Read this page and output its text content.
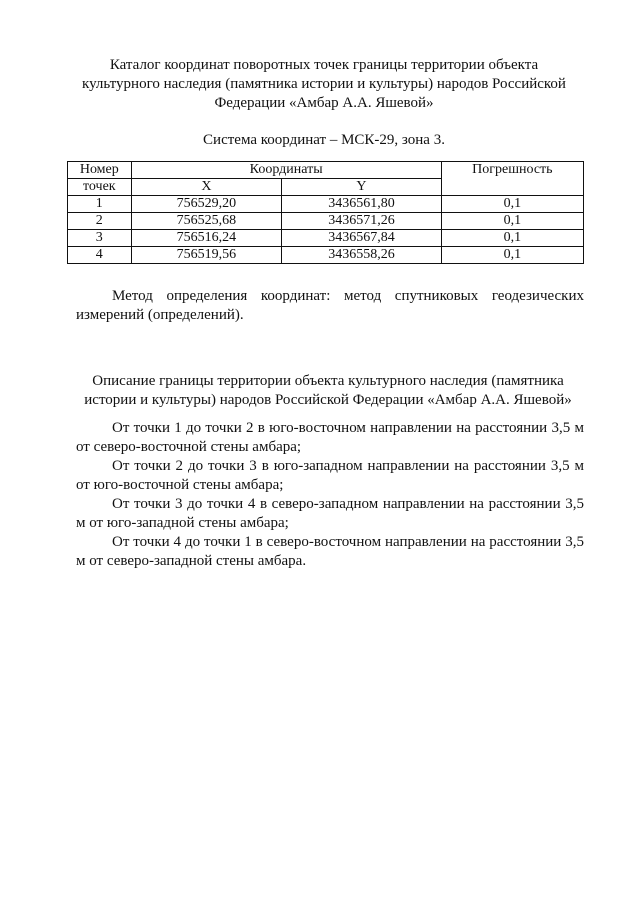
Каталог координат поворотных точек границы территории объекта
культурного наследия (памятника истории и культуры) народов Российской
Федерации «Амбар А.А. Яшевой»
Система координат – МСК-29, зона 3.
Номер	Координаты		Погрешность
точек	X	Y	
1	756529,20	3436561,80	0,1
2	756525,68	3436571,26	0,1
3	756516,24	3436567,84	0,1
4	756519,56	3436558,26	0,1
Метод определения координат: метод спутниковых геодезических измерений (определений).
Описание границы территории объекта культурного наследия (памятника
истории и культуры) народов Российской Федерации «Амбар А.А. Яшевой»

От точки 1 до точки 2 в юго-восточном направлении на расстоянии 3,5 м от северо-восточной стены амбара;

От точки 2 до точки 3 в юго-западном направлении на расстоянии 3,5 м от юго-восточной стены амбара;

От точки 3 до точки 4 в северо-западном направлении на расстоянии 3,5 м от юго-западной стены амбара;

От точки 4 до точки 1 в северо-восточном направлении на расстоянии 3,5 м от северо-западной стены амбара.
